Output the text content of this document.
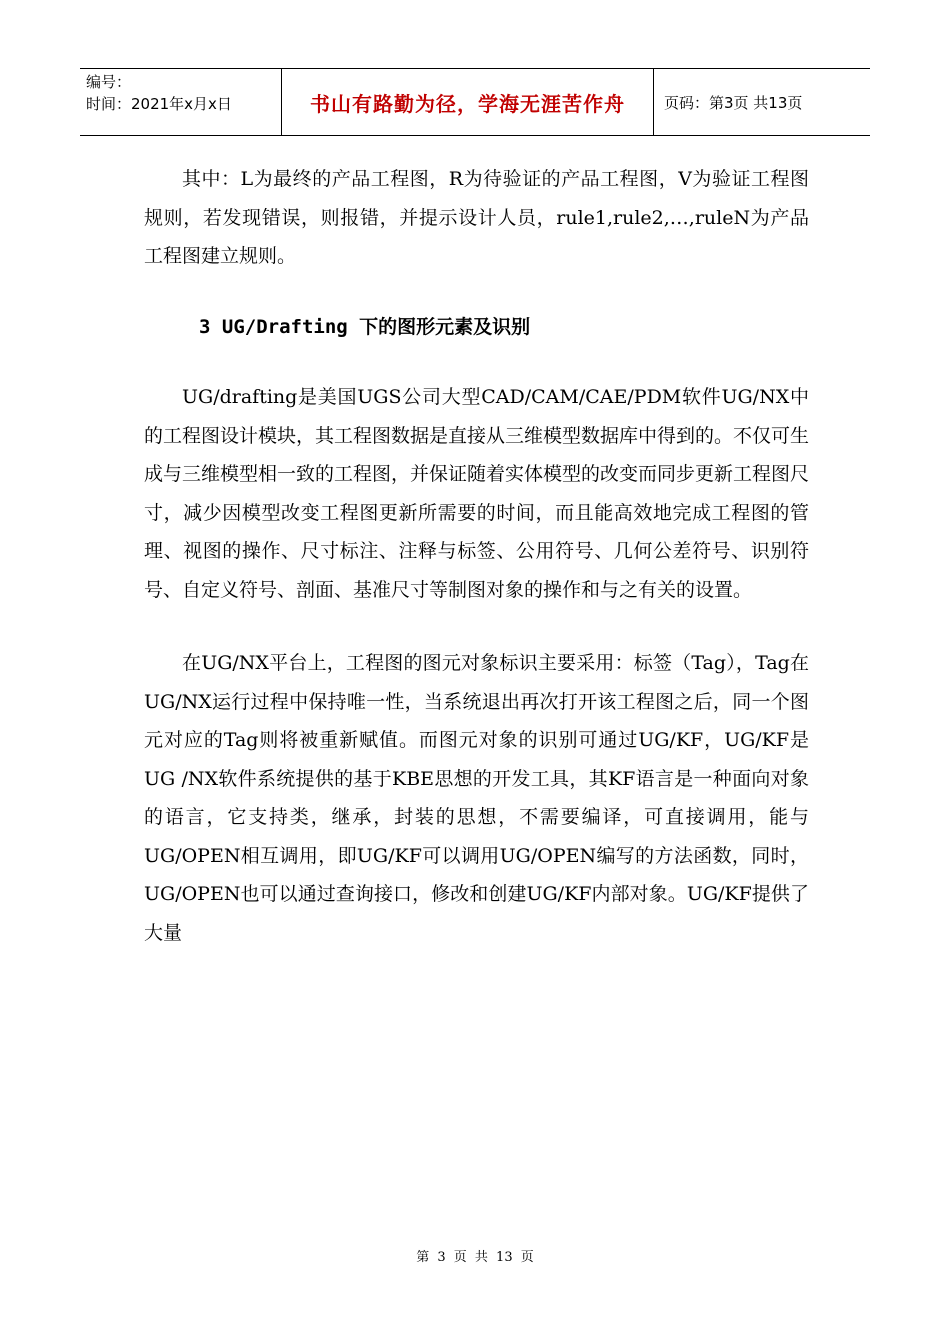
编号：
时间：2021年x月x日	书山有路勤为径，学海无涯苦作舟	页码：第3页 共13页

其中：L为最终的产品工程图，R为待验证的产品工程图，V为验证工程图规则，若发现错误，则报错，并提示设计人员，rule1,rule2,…,ruleN为产品工程图建立规则。

3 UG/Drafting 下的图形元素及识别

UG/drafting是美国UGS公司大型CAD/CAM/CAE/PDM软件UG/NX中的工程图设计模块，其工程图数据是直接从三维模型数据库中得到的。不仅可生成与三维模型相一致的工程图，并保证随着实体模型的改变而同步更新工程图尺寸，减少因模型改变工程图更新所需要的时间，而且能高效地完成工程图的管理、视图的操作、尺寸标注、注释与标签、公用符号、几何公差符号、识别符号、自定义符号、剖面、基准尺寸等制图对象的操作和与之有关的设置。

在UG/NX平台上，工程图的图元对象标识主要采用：标签（Tag），Tag在UG/NX运行过程中保持唯一性，当系统退出再次打开该工程图之后，同一个图元对应的Tag则将被重新赋值。而图元对象的识别可通过UG/KF，UG/KF是UG /NX软件系统提供的基于KBE思想的开发工具，其KF语言是一种面向对象的语言，它支持类，继承，封装的思想，不需要编译，可直接调用，能与UG/OPEN相互调用，即UG/KF可以调用UG/OPEN编写的方法函数，同时，UG/OPEN也可以通过查询接口，修改和创建UG/KF内部对象。UG/KF提供了大量

第 3 页 共 13 页
